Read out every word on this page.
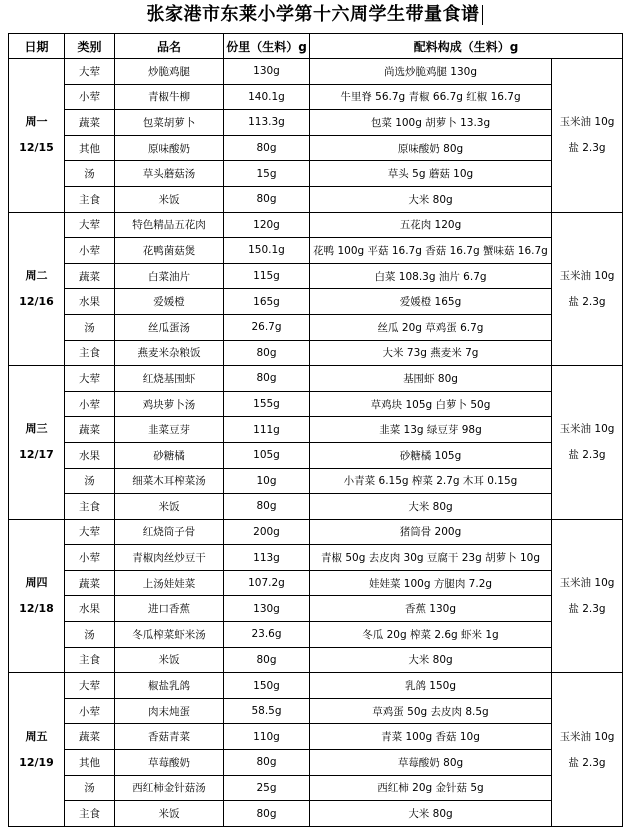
张家港市东莱小学第十六周学生带量食谱
日期	类别	品名	份里（生料）g	配料构成（生料）g	

周一
12/15	大荤	炒脆鸡腿	130g	尚选炒脆鸡腿 130g	玉米油 10g
盐 2.3g

	小荤	青椒牛柳	140.1g	牛里脊 56.7g 青椒 66.7g 红椒 16.7g	
	蔬菜	包菜胡萝卜	113.3g	包菜 100g 胡萝卜 13.3g	
	其他	原味酸奶	80g	原味酸奶 80g	
	汤	草头蘑菇汤	15g	草头 5g 蘑菇 10g	
	主食	米饭	80g	大米 80g	

周二
12/16	大荤	特色精品五花肉	120g	五花肉 120g	玉米油 10g
盐 2.3g

	小荤	花鸭菌菇煲	150.1g	花鸭 100g 平菇 16.7g 香菇 16.7g 蟹味菇 16.7g	
	蔬菜	白菜油片	115g	白菜 108.3g 油片 6.7g	
	水果	爱媛橙	165g	爱媛橙 165g	
	汤	丝瓜蛋汤	26.7g	丝瓜 20g 草鸡蛋 6.7g	
	主食	燕麦米杂粮饭	80g	大米 73g 燕麦米 7g	

周三
12/17	大荤	红烧基围虾	80g	基围虾 80g	玉米油 10g
盐 2.3g

	小荤	鸡块萝卜汤	155g	草鸡块 105g 白萝卜 50g	
	蔬菜	韭菜豆芽	111g	韭菜 13g 绿豆芽 98g	
	水果	砂糖橘	105g	砂糖橘 105g	
	汤	细菜木耳榨菜汤	10g	小青菜 6.15g 榨菜 2.7g 木耳 0.15g	
	主食	米饭	80g	大米 80g	

周四
12/18	大荤	红烧筒子骨	200g	猪筒骨 200g	玉米油 10g
盐 2.3g

	小荤	青椒肉丝炒豆干	113g	青椒 50g 去皮肉 30g 豆腐干 23g 胡萝卜 10g	
	蔬菜	上汤娃娃菜	107.2g	娃娃菜 100g 方腿肉 7.2g	
	水果	进口香蕉	130g	香蕉 130g	
	汤	冬瓜榨菜虾米汤	23.6g	冬瓜 20g 榨菜 2.6g 虾米 1g	
	主食	米饭	80g	大米 80g	

周五
12/19	大荤	椒盐乳鸽	150g	乳鸽 150g	玉米油 10g
盐 2.3g

	小荤	肉末炖蛋	58.5g	草鸡蛋 50g 去皮肉 8.5g	
	蔬菜	香菇青菜	110g	青菜 100g 香菇 10g	
	其他	草莓酸奶	80g	草莓酸奶 80g	
	汤	西红柿金针菇汤	25g	西红柿 20g 金针菇 5g	
	主食	米饭	80g	大米 80g	
